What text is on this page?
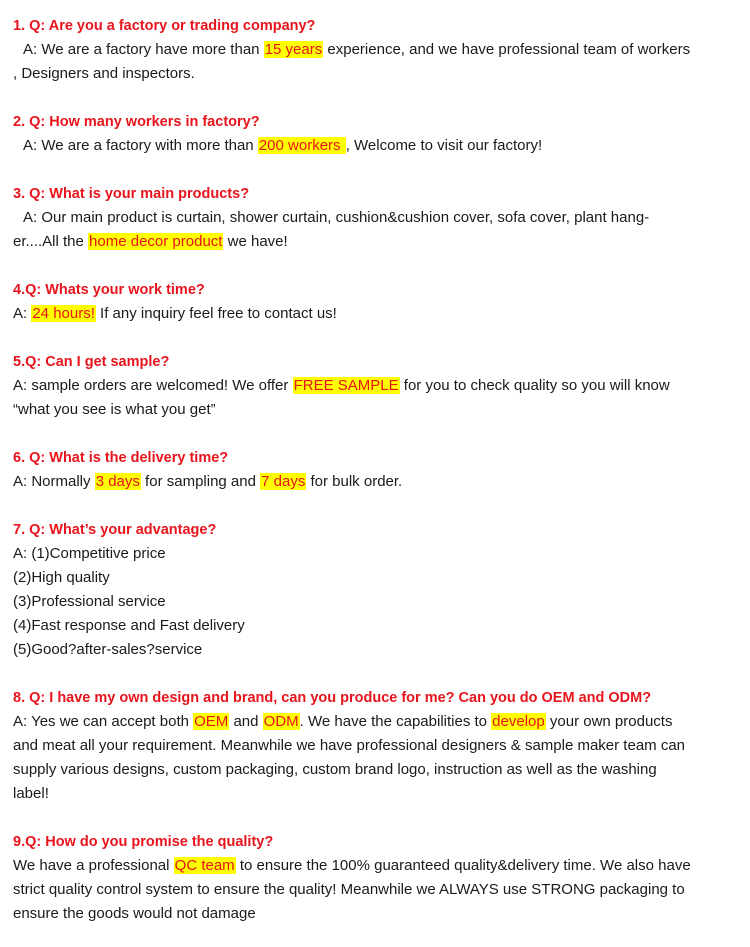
1. Q: Are you a factory or trading company?
A: We are a factory have more than 15 years experience, and we have professional team of workers
, Designers and inspectors.
2. Q: How many workers in factory?
A: We are a factory with more than 200 workers , Welcome to visit our factory!
3. Q: What is your main products?
A: Our main product is curtain, shower curtain, cushion&cushion cover, sofa cover, plant hang-
er....All the home decor product we have!
4.Q: Whats your work time?
A: 24 hours! If any inquiry feel free to contact us!
5.Q: Can I get sample?
A: sample orders are welcomed! We offer FREE SAMPLE for you to check quality so you will know
“what you see is what you get”
6. Q: What is the delivery time?
A: Normally 3 days for sampling and 7 days for bulk order.
7. Q: What’s your advantage?
A: (1)Competitive price
(2)High quality
(3)Professional service
(4)Fast response and Fast delivery
(5)Good?after-sales?service
8. Q: I have my own design and brand, can you produce for me? Can you do OEM and ODM?
A: Yes we can accept both OEM and ODM. We have the capabilities to develop your own products
and meat all your requirement. Meanwhile we have professional designers & sample maker team can
supply various designs, custom packaging, custom brand logo, instruction as well as the washing
label!
9.Q: How do you promise the quality?
We have a professional QC team to ensure the 100% guaranteed quality&delivery time. We also have
strict quality control system to ensure the quality! Meanwhile we ALWAYS use STRONG packaging to
ensure the goods would not damage
